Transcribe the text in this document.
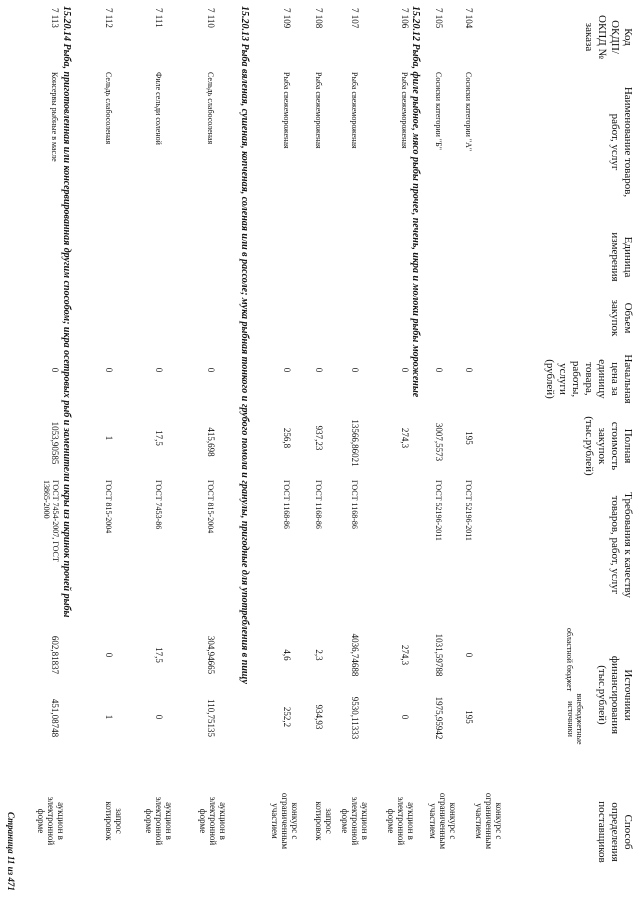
Код ОКДП/ ОКПД № заказа
Наименование товаров, работ, услуг
Единица измерения
Объем закупок
Начальная цена за единицу товара, работы, услуги (рублей)
Полная стоимость закупок (тыс.рублей)
Требования к качеству товаров, работ, услуг
Источники финансирования (тыс.рублей)
областной бюджет
внебюджетные источники
Способ определения поставщиков
7 104
Сосиски категории "А"
0
195
ГОСТ 52196-2011
0
195
конкурс с ограниченным участием
7 105
Сосиски категории "Б"
0
3007,5573
ГОСТ 52196-2011
1031,59788
1975,95942
конкурс с ограниченным участием
15.20.12 Рыба, филе рыбное, мясо рыбы прочее, печень, икра и молоки рыбы мороженые
7 106
Рыба свежемороженая
0
274,3
274,3
0
аукцион в электронной форме
7 107
Рыба свежемороженая
0
13566,86021
ГОСТ 1168-86
4036,74688
9530,11333
аукцион в электронной форме
7 108
Рыба свежемороженая
0
937,23
ГОСТ 1168-86
2,3
934,93
запрос котировок
7 109
Рыба свежемороженая
0
256,8
ГОСТ 1168-86
4,6
252,2
конкурс с ограниченным участием
15.20.13 Рыба вяленая, сушеная, копченая, соленая или в рассоле; мука рыбная тонкого и грубого помола и гранулы, пригодные для употребления в пищу
7 110
Сельдь слабосоленая
0
415,698
ГОСТ 815-2004
304,94665
110,75135
аукцион в электронной форме
7 111
Филе сельди соленой
0
17,5
ГОСТ 7453-86
17,5
0
аукцион в электронной форме
7 112
Сельдь слабосоленая
0
1
ГОСТ 815-2004
0
1
запрос котировок
15.20.14 Рыба, приготовленная или консервированная другим способом; икра осетровых рыб и заменители икры из икринок прочей рыбы
7 113
Консервы рыбные в масле
0
1053,90585
ГОСТ 7454-2007, ГОСТ 13865-2000
602,81837
451,08748
аукцион в электронной форме
Страница 11 из 471
